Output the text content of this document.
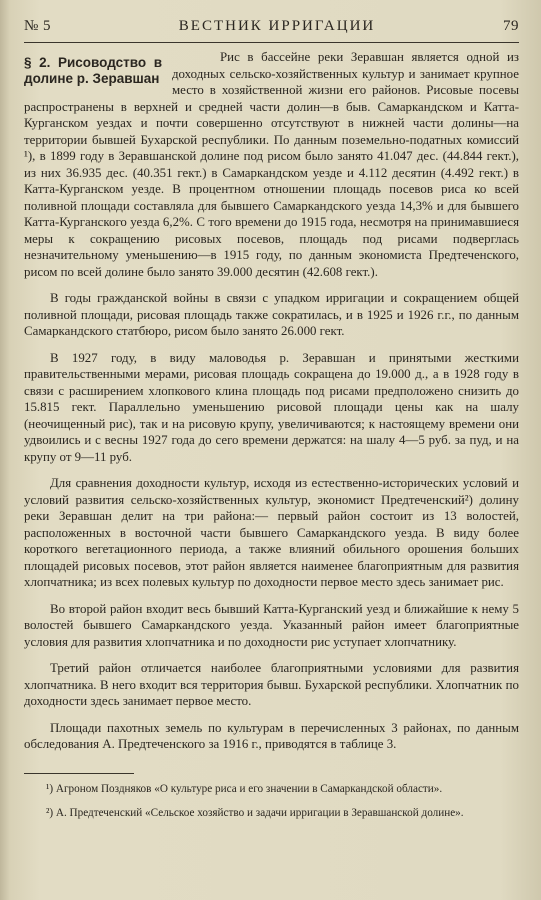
№ 5	ВЕСТНИК ИРРИГАЦИИ	79
§ 2. Рисоводство в долине р. Зеравшан

Рис в бассейне реки Зеравшан является одной из доходных сельско-хозяйственных культур и занимает крупное место в хозяйственной жизни его районов. Рисовые посевы распространены в верхней и средней части долин—в быв. Самаркандском и Катта-Курганском уездах и почти совершенно отсутствуют в нижней части долины—на территории бывшей Бухарской республики. По данным поземельно-податных комиссий ¹), в 1899 году в Зеравшанской долине под рисом было занято 41.047 дес. (44.844 гект.), из них 36.935 дес. (40.351 гект.) в Самаркандском уезде и 4.112 десятин (4.492 гект.) в Катта-Курганском уезде. В процентном отношении площадь посевов риса ко всей поливной площади составляла для бывшего Самаркандского уезда 14,3% и для бывшего Катта-Курганского уезда 6,2%. С того времени до 1915 года, несмотря на принимавшиеся меры к сокращению рисовых посевов, площадь под рисами подверглась незначительному уменьшению—в 1915 году, по данным экономиста Предтеченского, рисом по всей долине было занято 39.000 десятин (42.608 гект.).

В годы гражданской войны в связи с упадком ирригации и сокращением общей поливной площади, рисовая площадь также сократилась, и в 1925 и 1926 г.г., по данным Самаркандского статбюро, рисом было занято 26.000 гект.

В 1927 году, в виду маловодья р. Зеравшан и принятыми жесткими правительственными мерами, рисовая площадь сокращена до 19.000 д., а в 1928 году в связи с расширением хлопкового клина площадь под рисами предположено снизить до 15.815 гект. Параллельно уменьшению рисовой площади цены как на шалу (неочищенный рис), так и на рисовую крупу, увеличиваются; к настоящему времени они удвоились и с весны 1927 года до сего времени держатся: на шалу 4—5 руб. за пуд, и на крупу от 9—11 руб.

Для сравнения доходности культур, исходя из естественно-исторических условий и условий развития сельско-хозяйственных культур, экономист Предтеченский²) долину реки Зеравшан делит на три района:— первый район состоит из 13 волостей, расположенных в восточной части бывшего Самаркандского уезда. В виду более короткого вегетационного периода, а также влияний обильного орошения больших площадей рисовых посевов, этот район является наименее благоприятным для развития хлопчатника; из всех полевых культур по доходности первое место здесь занимает рис.

Во второй район входит весь бывший Катта-Курганский уезд и ближайшие к нему 5 волостей бывшего Самаркандского уезда. Указанный район имеет благоприятные условия для развития хлопчатника и по доходности рис уступает хлопчатнику.

Третий район отличается наиболее благоприятными условиями для развития хлопчатника. В него входит вся территория бывш. Бухарской республики. Хлопчатник по доходности здесь занимает первое место.

Площади пахотных земель по культурам в перечисленных 3 районах, по данным обследования А. Предтеченского за 1916 г., приводятся в таблице 3.

¹) Агроном Поздняков «О культуре риса и его значении в Самаркандской области».

²) А. Предтеченский «Сельское хозяйство и задачи ирригации в Зеравшанской долине».
